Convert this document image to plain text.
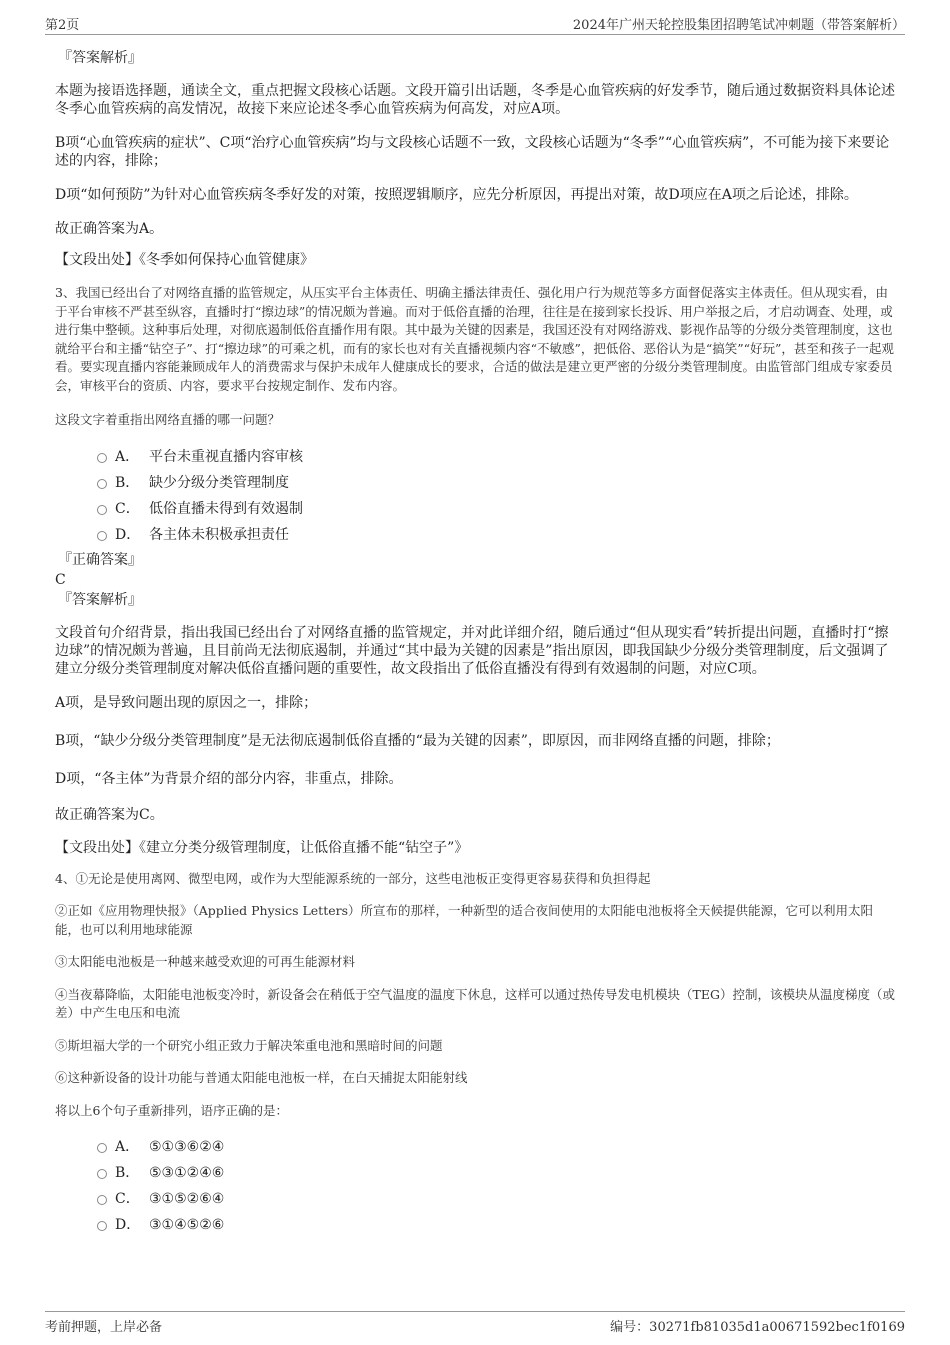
第2页	2024年广州天轮控股集团招聘笔试冲刺题（带答案解析）
『答案解析』

本题为接语选择题，通读全文，重点把握文段核心话题。文段开篇引出话题，冬季是心血管疾病的好发季节，随后通过数据资料具体论述冬季心血管疾病的高发情况，故接下来应论述冬季心血管疾病为何高发，对应A项。

B项“心血管疾病的症状”、C项“治疗心血管疾病”均与文段核心话题不一致，文段核心话题为“冬季”“心血管疾病”，不可能为接下来要论述的内容，排除；

D项“如何预防”为针对心血管疾病冬季好发的对策，按照逻辑顺序，应先分析原因，再提出对策，故D项应在A项之后论述，排除。

故正确答案为A。

【文段出处】《冬季如何保持心血管健康》

3、我国已经出台了对网络直播的监管规定，从压实平台主体责任、明确主播法律责任、强化用户行为规范等多方面督促落实主体责任。但从现实看，由于平台审核不严甚至纵容，直播时打“擦边球”的情况颇为普遍。而对于低俗直播的治理，往往是在接到家长投诉、用户举报之后，才启动调查、处理，或进行集中整顿。这种事后处理，对彻底遏制低俗直播作用有限。其中最为关键的因素是，我国还没有对网络游戏、影视作品等的分级分类管理制度，这也就给平台和主播“钻空子”、打“擦边球”的可乘之机，而有的家长也对有关直播视频内容“不敏感”，把低俗、恶俗认为是“搞笑”“好玩”，甚至和孩子一起观看。要实现直播内容能兼顾成年人的消费需求与保护未成年人健康成长的要求，合适的做法是建立更严密的分级分类管理制度。由监管部门组成专家委员会，审核平台的资质、内容，要求平台按规定制作、发布内容。

这段文字着重指出网络直播的哪一问题？

A． 平台未重视直播内容审核
B． 缺少分级分类管理制度
C． 低俗直播未得到有效遏制
D． 各主体未积极承担责任
『正确答案』
C
『答案解析』

文段首句介绍背景，指出我国已经出台了对网络直播的监管规定，并对此详细介绍，随后通过“但从现实看”转折提出问题，直播时打“擦边球”的情况颇为普遍，且目前尚无法彻底遏制，并通过“其中最为关键的因素是”指出原因，即我国缺少分级分类管理制度，后文强调了建立分级分类管理制度对解决低俗直播问题的重要性，故文段指出了低俗直播没有得到有效遏制的问题，对应C项。

A项，是导致问题出现的原因之一，排除；

B项，“缺少分级分类管理制度”是无法彻底遏制低俗直播的“最为关键的因素”，即原因，而非网络直播的问题，排除；

D项，“各主体”为背景介绍的部分内容，非重点，排除。

故正确答案为C。

【文段出处】《建立分类分级管理制度，让低俗直播不能“钻空子”》

4、①无论是使用离网、微型电网，或作为大型能源系统的一部分，这些电池板正变得更容易获得和负担得起

②正如《应用物理快报》（Applied Physics Letters）所宣布的那样，一种新型的适合夜间使用的太阳能电池板将全天候提供能源，它可以利用太阳能，也可以利用地球能源

③太阳能电池板是一种越来越受欢迎的可再生能源材料

④当夜幕降临，太阳能电池板变冷时，新设备会在稍低于空气温度的温度下休息，这样可以通过热传导发电机模块（TEG）控制，该模块从温度梯度（或差）中产生电压和电流

⑤斯坦福大学的一个研究小组正致力于解决笨重电池和黑暗时间的问题

⑥这种新设备的设计功能与普通太阳能电池板一样，在白天捕捉太阳能射线

将以上6个句子重新排列，语序正确的是：

A． ⑤①③⑥②④
B． ⑤③①②④⑥
C． ③①⑤②⑥④
D． ③①④⑤②⑥
考前押题，上岸必备	编号：30271fb81035d1a00671592bec1f0169
